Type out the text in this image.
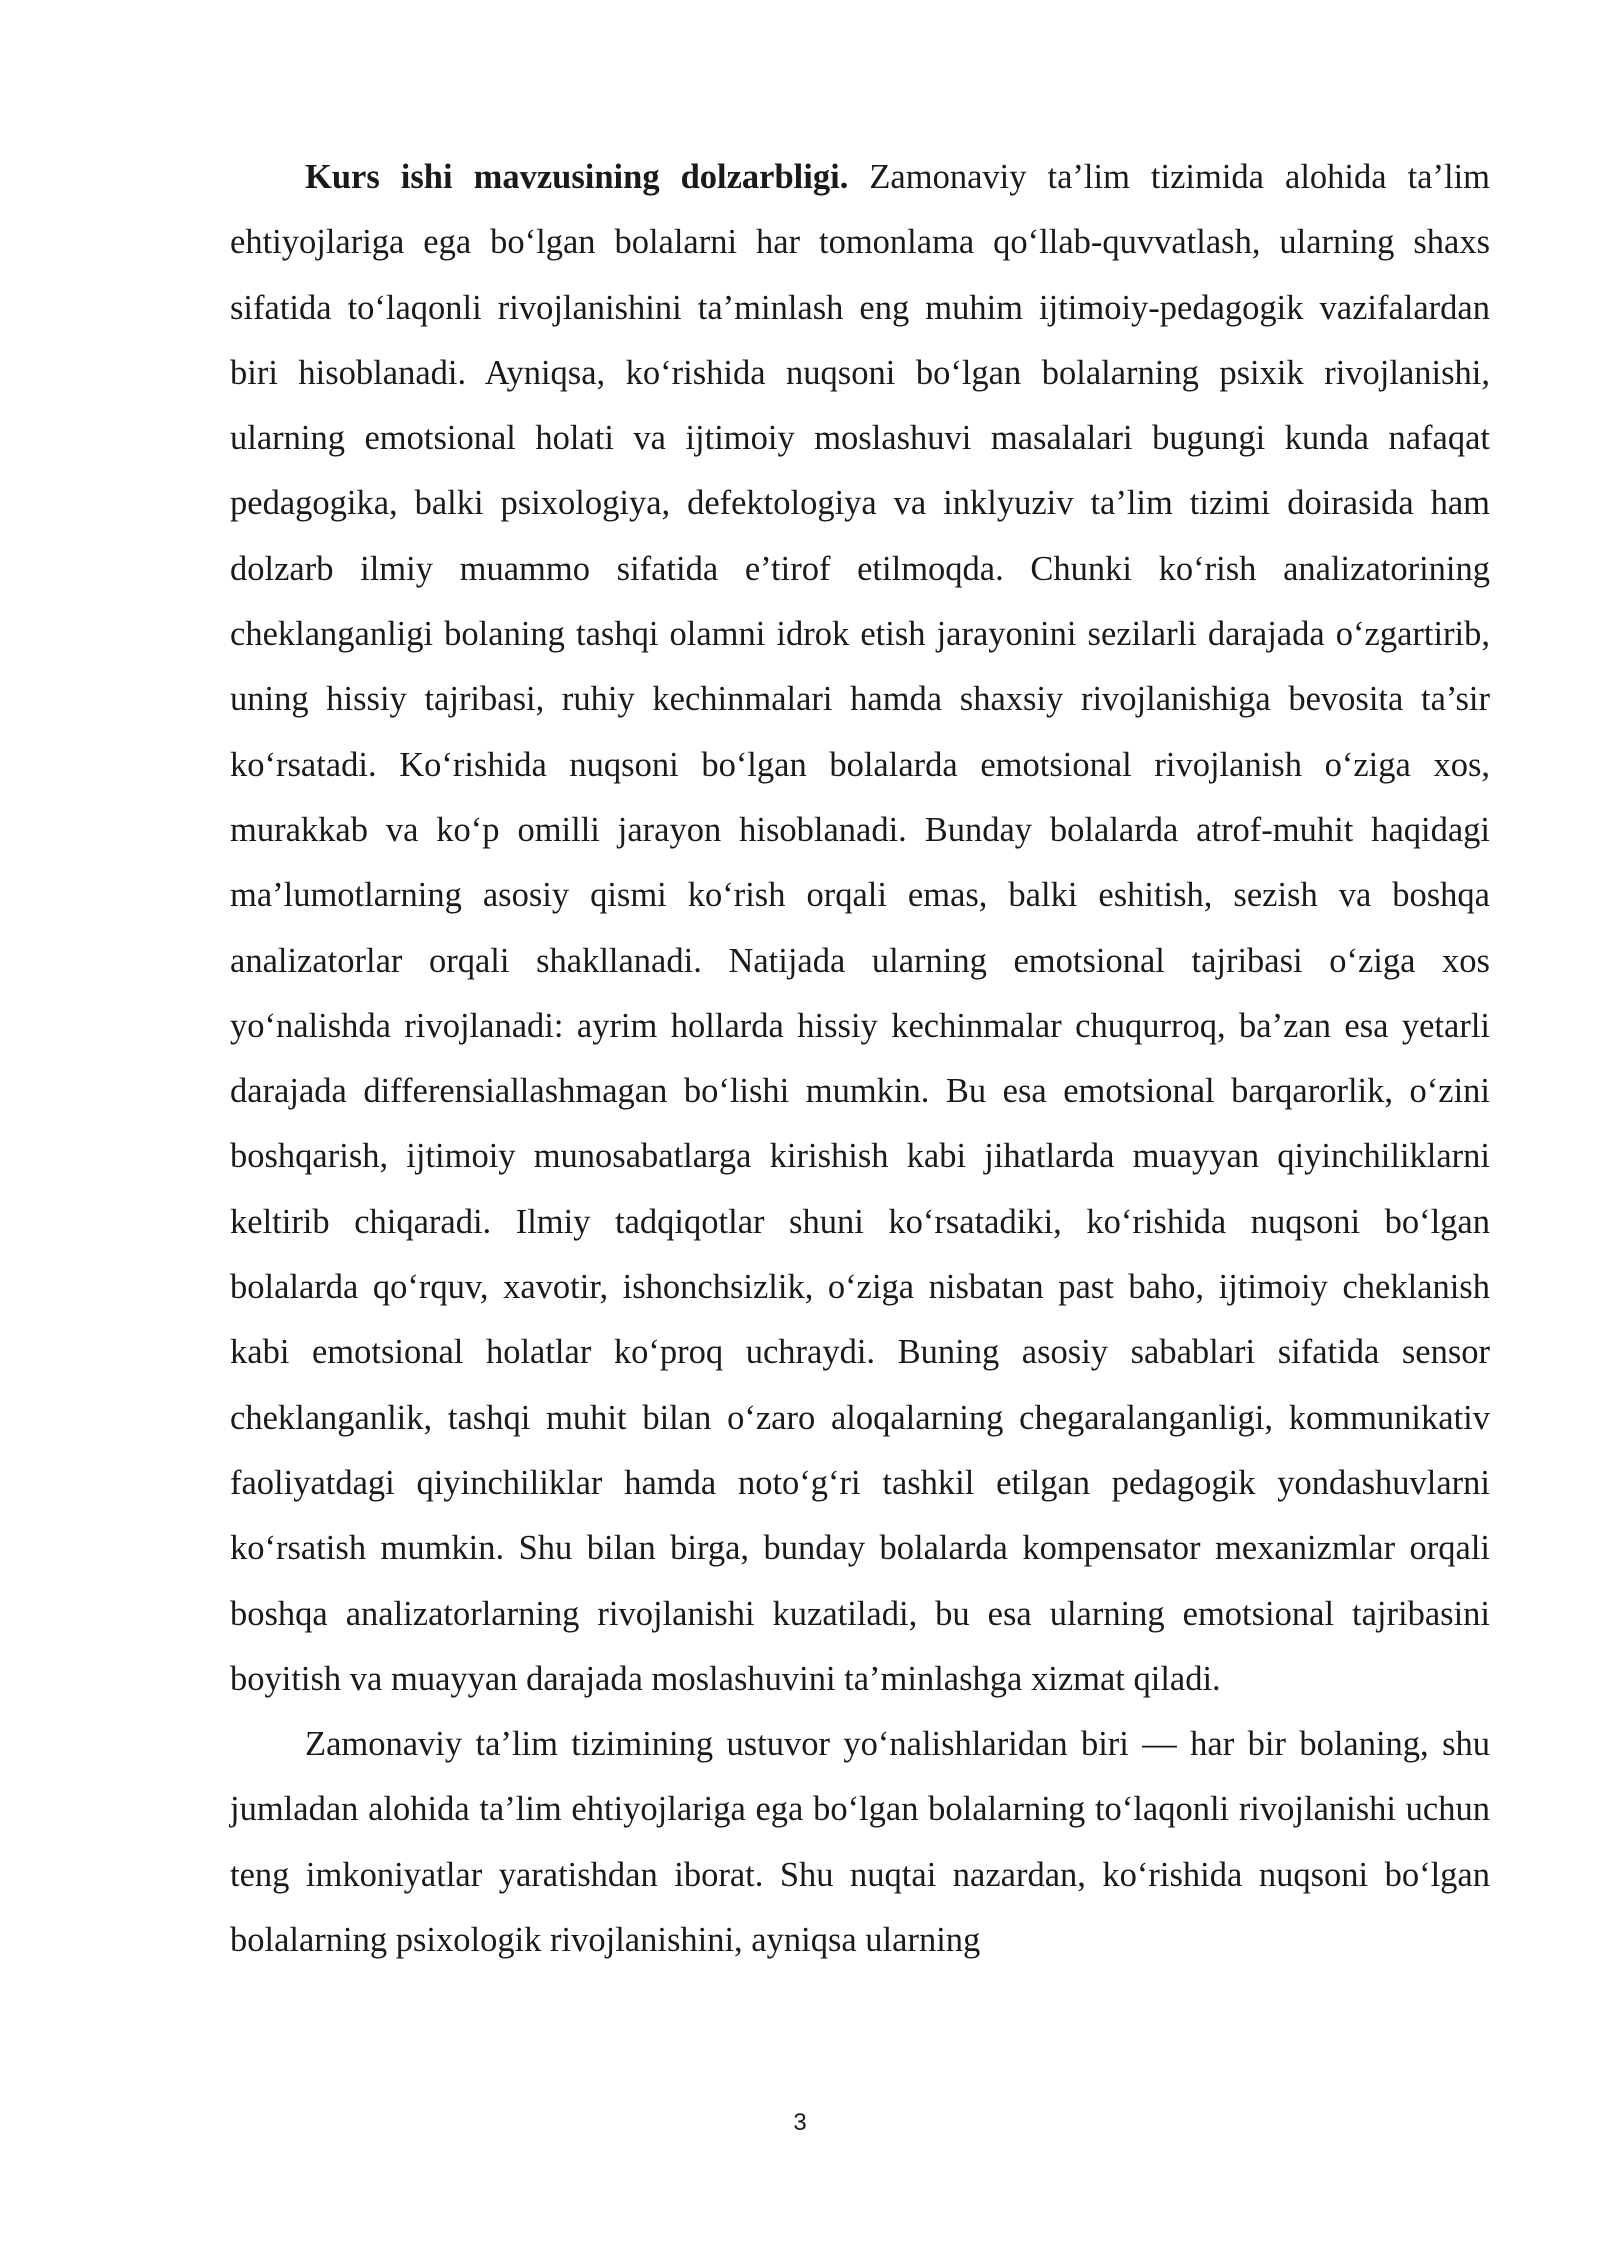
Kurs ishi mavzusining dolzarbligi. Zamonaviy ta’lim tizimida alohida ta’lim ehtiyojlariga ega boʻlgan bolalarni har tomonlama qoʻllab-quvvatlash, ularning shaxs sifatida toʻlaqonli rivojlanishini ta’minlash eng muhim ijtimoiy-pedagogik vazifalardan biri hisoblanadi. Ayniqsa, koʻrishida nuqsoni boʻlgan bolalarning psixik rivojlanishi, ularning emotsional holati va ijtimoiy moslashuvi masalalari bugungi kunda nafaqat pedagogika, balki psixologiya, defektologiya va inklyuziv ta’lim tizimi doirasida ham dolzarb ilmiy muammo sifatida e’tirof etilmoqda. Chunki koʻrish analizatorining cheklanganligi bolaning tashqi olamni idrok etish jarayonini sezilarli darajada oʻzgartirib, uning hissiy tajribasi, ruhiy kechinmalari hamda shaxsiy rivojlanishiga bevosita ta’sir koʻrsatadi. Koʻrishida nuqsoni boʻlgan bolalarda emotsional rivojlanish oʻziga xos, murakkab va koʻp omilli jarayon hisoblanadi. Bunday bolalarda atrof-muhit haqidagi ma’lumotlarning asosiy qismi koʻrish orqali emas, balki eshitish, sezish va boshqa analizatorlar orqali shakllanadi. Natijada ularning emotsional tajribasi oʻziga xos yoʻnalishda rivojlanadi: ayrim hollarda hissiy kechinmalar chuqurroq, ba’zan esa yetarli darajada differensiallashmagan boʻlishi mumkin. Bu esa emotsional barqarorlik, oʻzini boshqarish, ijtimoiy munosabatlarga kirishish kabi jihatlarda muayyan qiyinchiliklarni keltirib chiqaradi. Ilmiy tadqiqotlar shuni koʻrsatadiki, koʻrishida nuqsoni boʻlgan bolalarda qoʻrquv, xavotir, ishonchsizlik, oʻziga nisbatan past baho, ijtimoiy cheklanish kabi emotsional holatlar koʻproq uchraydi. Buning asosiy sabablari sifatida sensor cheklanganlik, tashqi muhit bilan oʻzaro aloqalarning chegaralanganligi, kommunikativ faoliyatdagi qiyinchiliklar hamda notoʻgʻri tashkil etilgan pedagogik yondashuvlarni koʻrsatish mumkin. Shu bilan birga, bunday bolalarda kompensator mexanizmlar orqali boshqa analizatorlarning rivojlanishi kuzatiladi, bu esa ularning emotsional tajribasini boyitish va muayyan darajada moslashuvini ta’minlashga xizmat qiladi.

Zamonaviy ta’lim tizimining ustuvor yoʻnalishlaridan biri — har bir bolaning, shu jumladan alohida ta’lim ehtiyojlariga ega boʻlgan bolalarning toʻlaqonli rivojlanishi uchun teng imkoniyatlar yaratishdan iborat. Shu nuqtai nazardan, koʻrishida nuqsoni boʻlgan bolalarning psixologik rivojlanishini, ayniqsa ularning

3
